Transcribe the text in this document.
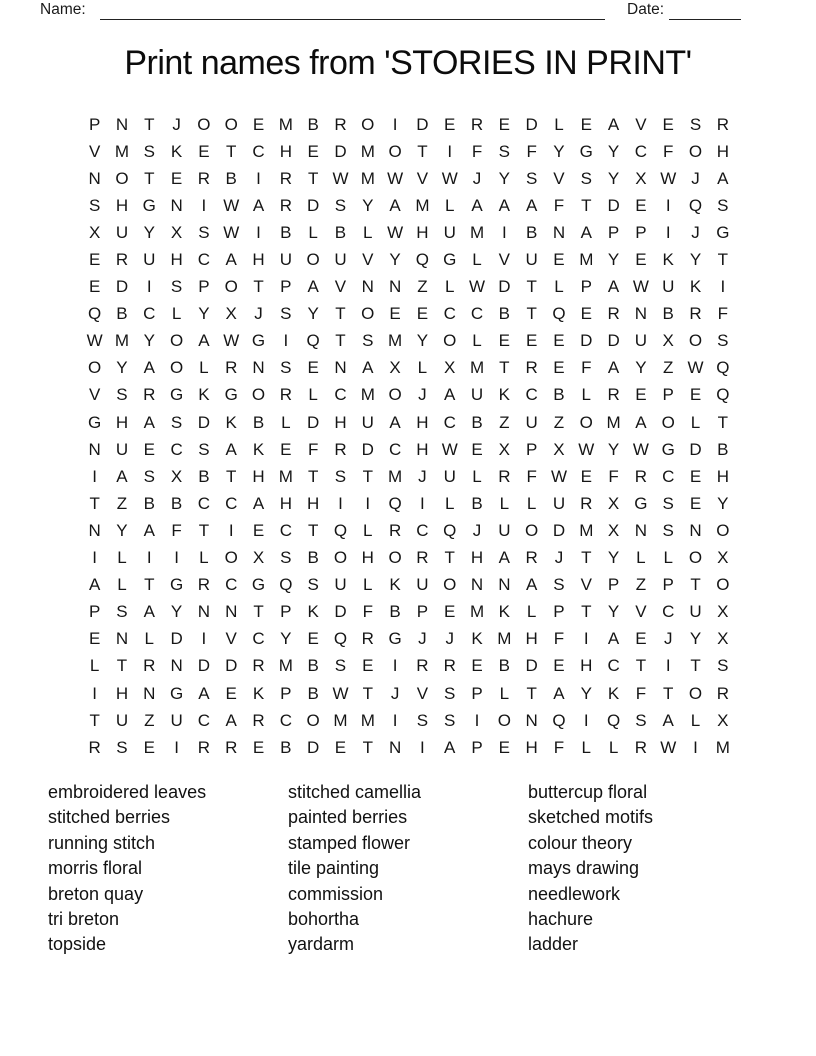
Name:	Date:
Print names from 'STORIES IN PRINT'
P N T	J O O E M B R O	I	D E R E D L E A V E S R
V M S K E T C H E D M O T	I	F S F Y G Y C F O H
N O T E R B	I	R T W M W V W J	Y S V S Y X W J	A
S H G N	I W A R D S Y A M L A A A F T D E	I	Q S
X U Y X S W I	B L B L W H U M	I	B N A P P	I	J G
E R U H C A H U O U V Y Q G L V U E M Y E K Y T
E D	I	S P O T P A V N N Z	L W D T	L P A W U K	I
Q B C L Y X	J	S Y T O E E C C B T Q E R N B R F
W M Y O A W G	I	Q T S M Y O L E E E D D U X O S
O Y A O L R N S E N A X L X M T R E F A Y Z W Q
V S R G K G O R L C M O J	A U K C B L R E P E Q
G H A S D K B L D H U A H C B Z U Z O M A O L	T
N U E C S A K E F R D C H W E X P X W Y W G D B
I	A S X B T H M T S T M J U L R F W E F R C E H
T Z B B C C A H H	I	I	Q	I	L B L	L U R X G S E Y
N Y A F T	I	E C T Q L R C Q J U O D M X N S N O
I	L	I	I	L O X S B O H O R T H A R J	T Y L	L O X
A L	T G R C G Q S U L K U O N N A S V P Z P T O
P S A Y N N T P K D F B P E M K L P T Y V C U X
E N L D	I	V C Y E Q R G J	J	K M H F	I	A E	J	Y X
L	T R N D D R M B S E	I	R R E B D E H C T	I	T S
I	H N G A E K P B W T	J	V S P L	T A Y K F T O R
T U Z U C A R C O M M	I	S S	I	O N Q	I	Q S A L X
R S E	I	R R E B D E T N	I	A P E H F	L	L R W I	M
embroidered leaves
stitched berries
running stitch
morris floral
breton quay
tri breton
topside
stitched camellia
painted berries
stamped flower
tile painting
commission
bohortha
yardarm
buttercup floral
sketched motifs
colour theory
mays drawing
needlework
hachure
ladder
